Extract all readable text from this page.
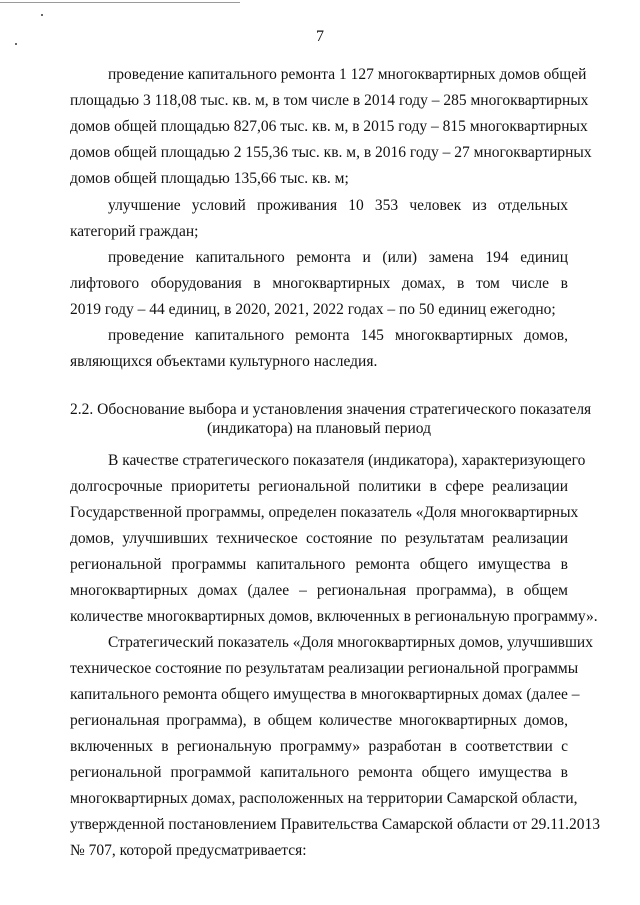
7
проведение капитального ремонта 1 127 многоквартирных домов общей
площадью 3 118,08 тыс. кв. м, в том числе в 2014 году – 285 многоквартирных
домов общей площадью 827,06 тыс. кв. м, в 2015 году – 815 многоквартирных
домов общей площадью 2 155,36 тыс. кв. м, в 2016 году – 27 многоквартирных
домов общей площадью 135,66 тыс. кв. м;
улучшение условий проживания 10 353 человек из отдельных
категорий граждан;
проведение капитального ремонта и (или) замена 194 единиц
лифтового оборудования в многоквартирных домах, в том числе в
2019 году – 44 единиц, в 2020, 2021, 2022 годах – по 50 единиц ежегодно;
проведение капитального ремонта 145 многоквартирных домов,
являющихся объектами культурного наследия.
2.2. Обоснование выбора и установления значения стратегического показателя
(индикатора) на плановый период
В качестве стратегического показателя (индикатора), характеризующего
долгосрочные приоритеты региональной политики в сфере реализации
Государственной программы, определен показатель «Доля многоквартирных
домов, улучшивших техническое состояние по результатам реализации
региональной программы капитального ремонта общего имущества в
многоквартирных домах (далее – региональная программа), в общем
количестве многоквартирных домов, включенных в региональную программу».
Стратегический показатель «Доля многоквартирных домов, улучшивших
техническое состояние по результатам реализации региональной программы
капитального ремонта общего имущества в многоквартирных домах (далее –
региональная программа), в общем количестве многоквартирных домов,
включенных в региональную программу» разработан в соответствии с
региональной программой капитального ремонта общего имущества в
многоквартирных домах, расположенных на территории Самарской области,
утвержденной постановлением Правительства Самарской области от 29.11.2013
№ 707, которой предусматривается:
